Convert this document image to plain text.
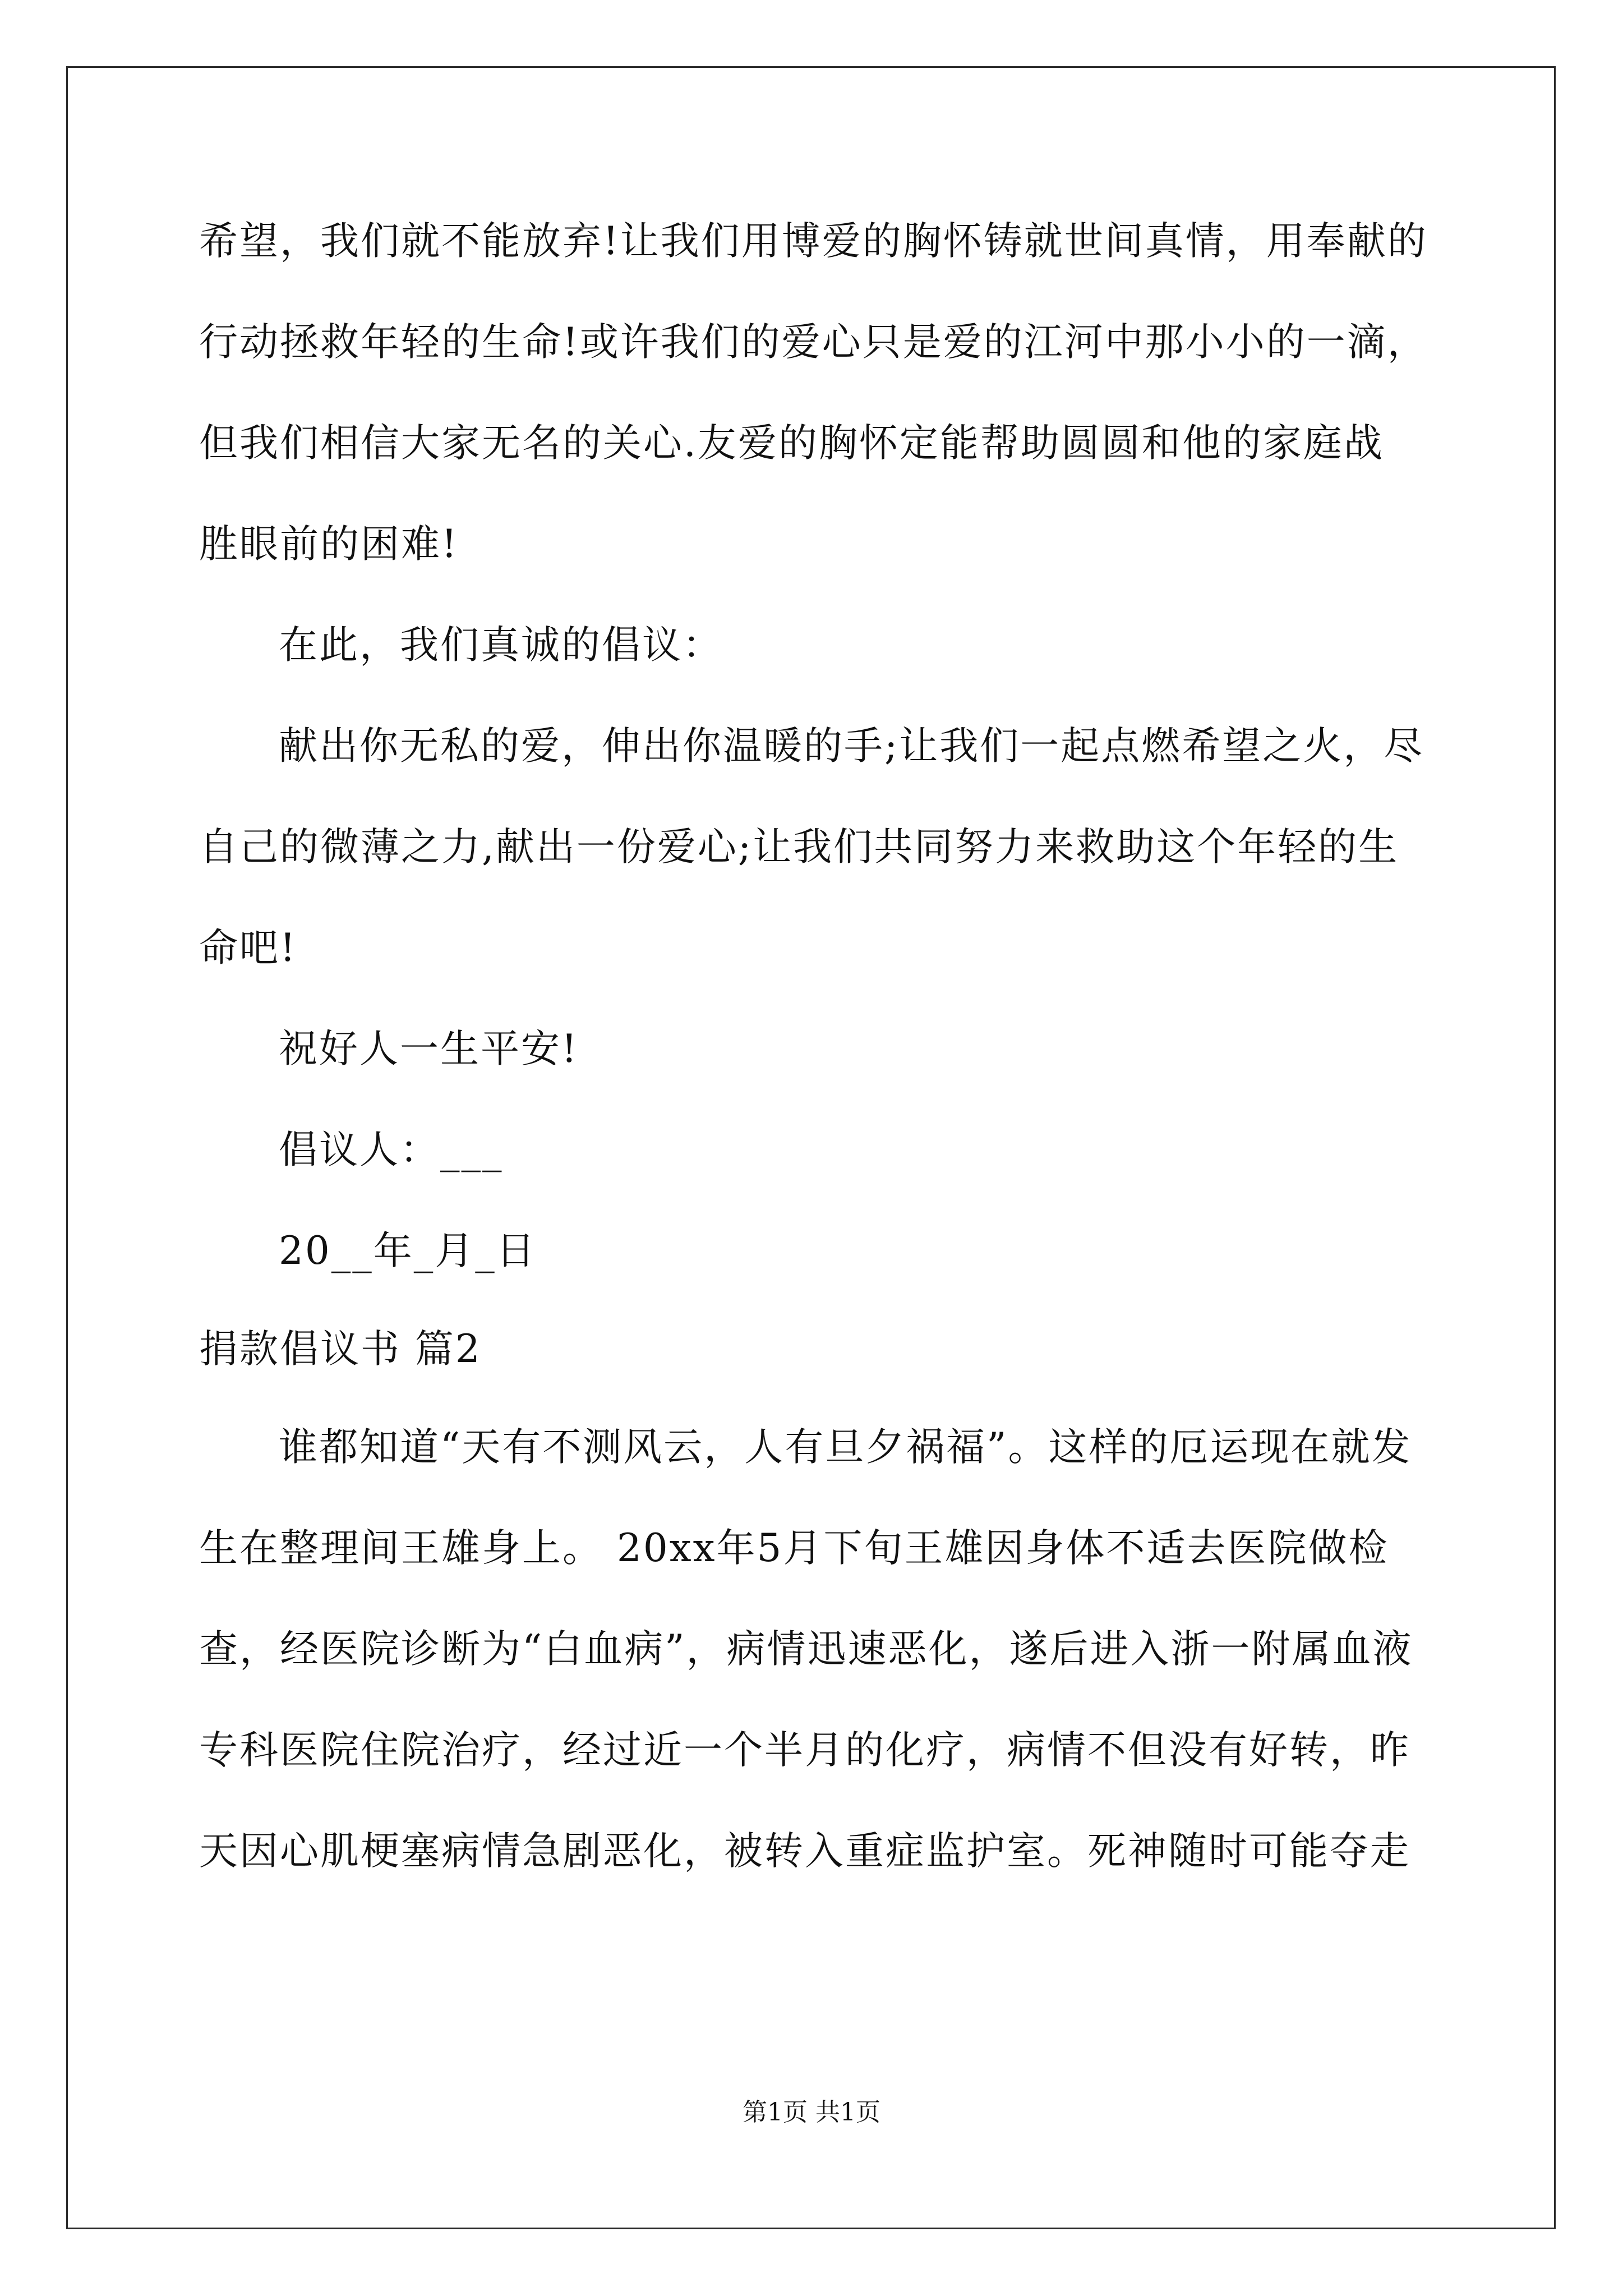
希望，我们就不能放弃!让我们用博爱的胸怀铸就世间真情，用奉献的
行动拯救年轻的生命!或许我们的爱心只是爱的江河中那小小的一滴，
但我们相信大家无名的关心.友爱的胸怀定能帮助圆圆和他的家庭战
胜眼前的困难!
在此，我们真诚的倡议：
献出你无私的爱，伸出你温暖的手;让我们一起点燃希望之火，尽
自己的微薄之力,献出一份爱心;让我们共同努力来救助这个年轻的生
命吧!
祝好人一生平安!
倡议人：___
20__年_月_日
捐款倡议书 篇2
谁都知道“天有不测风云，人有旦夕祸福”。这样的厄运现在就发
生在整理间王雄身上。 20xx年5月下旬王雄因身体不适去医院做检
查，经医院诊断为“白血病”，病情迅速恶化，遂后进入浙一附属血液
专科医院住院治疗，经过近一个半月的化疗，病情不但没有好转，昨
天因心肌梗塞病情急剧恶化，被转入重症监护室。死神随时可能夺走
第1页 共1页
